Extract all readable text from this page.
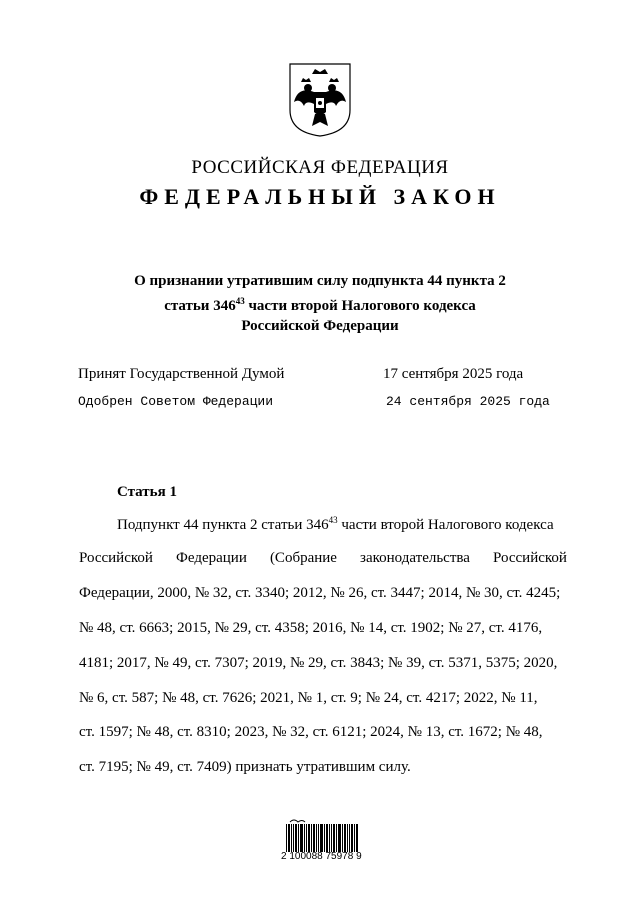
РОССИЙСКАЯ ФЕДЕРАЦИЯ
ФЕДЕРАЛЬНЫЙ ЗАКОН
О признании утратившим силу подпункта 44 пункта 2
статьи $346^{43}$ части второй Налогового кодекса
Российской Федерации
Принят Государственной Думой	17 сентября 2025 года
Одобрен Советом Федерации	24 сентября 2025 года
Статья 1
Подпункт 44 пункта 2 статьи $346^{43}$ части второй Налогового кодекса
Российской Федерации (Собрание законодательства Российской
Федерации, 2000, № 32, ст. 3340; 2012, № 26, ст. 3447; 2014, № 30, ст. 4245;
№ 48, ст. 6663; 2015, № 29, ст. 4358; 2016, № 14, ст. 1902; № 27, ст. 4176,
4181; 2017, № 49, ст. 7307; 2019, № 29, ст. 3843; № 39, ст. 5371, 5375; 2020,
№ 6, ст. 587; № 48, ст. 7626; 2021, № 1, ст. 9; № 24, ст. 4217; 2022, № 11,
ст. 1597; № 48, ст. 8310; 2023, № 32, ст. 6121; 2024, № 13, ст. 1672; № 48,
ст. 7195; № 49, ст. 7409) признать утратившим силу.
2 100088 75978 9
